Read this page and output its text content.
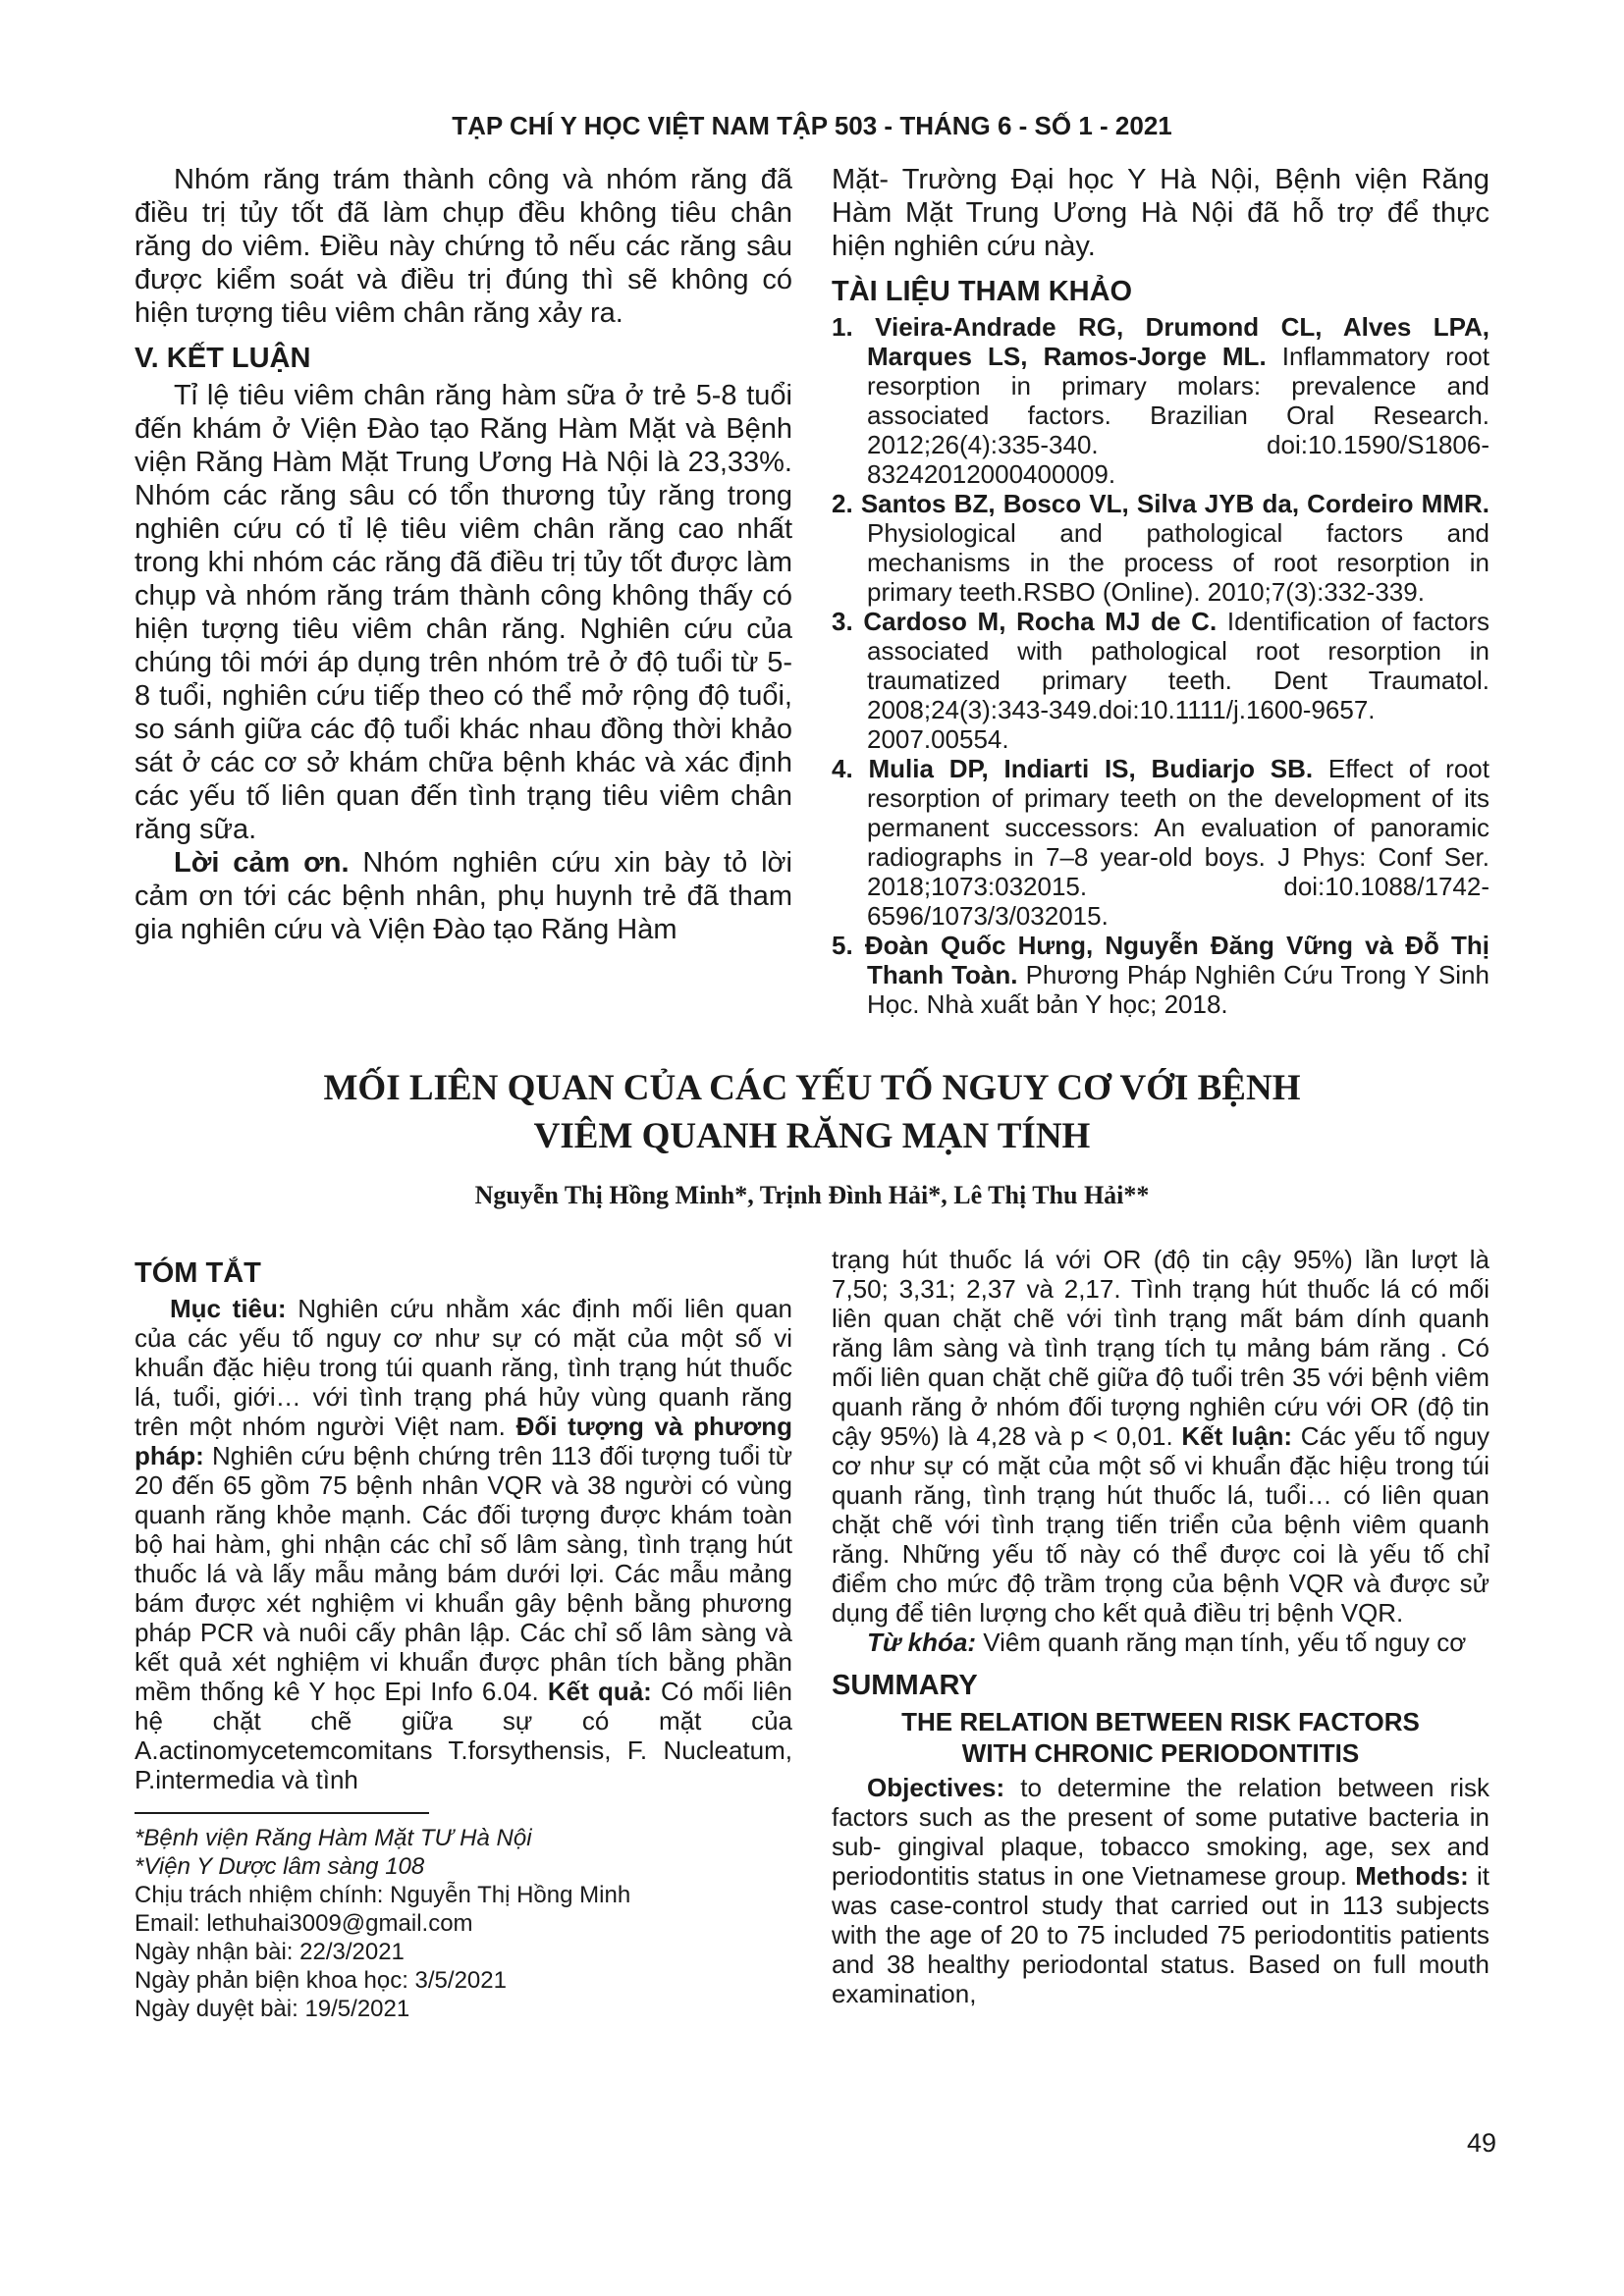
TẠP CHÍ Y HỌC VIỆT NAM TẬP 503 - THÁNG 6 - SỐ 1 - 2021

Nhóm răng trám thành công và nhóm răng đã điều trị tủy tốt đã làm chụp đều không tiêu chân răng do viêm. Điều này chứng tỏ nếu các răng sâu được kiểm soát và điều trị đúng thì sẽ không có hiện tượng tiêu viêm chân răng xảy ra.

V. KẾT LUẬN

Tỉ lệ tiêu viêm chân răng hàm sữa ở trẻ 5-8 tuổi đến khám ở Viện Đào tạo Răng Hàm Mặt và Bệnh viện Răng Hàm Mặt Trung Ương Hà Nội là 23,33%. Nhóm các răng sâu có tổn thương tủy răng trong nghiên cứu có tỉ lệ tiêu viêm chân răng cao nhất trong khi nhóm các răng đã điều trị tủy tốt được làm chụp và nhóm răng trám thành công không thấy có hiện tượng tiêu viêm chân răng. Nghiên cứu của chúng tôi mới áp dụng trên nhóm trẻ ở độ tuổi từ 5-8 tuổi, nghiên cứu tiếp theo có thể mở rộng độ tuổi, so sánh giữa các độ tuổi khác nhau đồng thời khảo sát ở các cơ sở khám chữa bệnh khác và xác định các yếu tố liên quan đến tình trạng tiêu viêm chân răng sữa.

Lời cảm ơn. Nhóm nghiên cứu xin bày tỏ lời cảm ơn tới các bệnh nhân, phụ huynh trẻ đã tham gia nghiên cứu và Viện Đào tạo Răng Hàm

Mặt- Trường Đại học Y Hà Nội, Bệnh viện Răng Hàm Mặt Trung Ương Hà Nội đã hỗ trợ để thực hiện nghiên cứu này.

TÀI LIỆU THAM KHẢO
1. Vieira-Andrade RG, Drumond CL, Alves LPA, Marques LS, Ramos-Jorge ML. Inflammatory root resorption in primary molars: prevalence and associated factors. Brazilian Oral Research. 2012;26(4):335-340. doi:10.1590/S1806-83242012000400009.
2. Santos BZ, Bosco VL, Silva JYB da, Cordeiro MMR. Physiological and pathological factors and mechanisms in the process of root resorption in primary teeth.RSBO (Online). 2010;7(3):332-339.
3. Cardoso M, Rocha MJ de C. Identification of factors associated with pathological root resorption in traumatized primary teeth. Dent Traumatol. 2008;24(3):343-349.doi:10.1111/j.1600-9657. 2007.00554.
4. Mulia DP, Indiarti IS, Budiarjo SB. Effect of root resorption of primary teeth on the development of its permanent successors: An evaluation of panoramic radiographs in 7–8 year-old boys. J Phys: Conf Ser. 2018;1073:032015. doi:10.1088/1742-6596/1073/3/032015.
5. Đoàn Quốc Hưng, Nguyễn Đăng Vững và Đỗ Thị Thanh Toàn. Phương Pháp Nghiên Cứu Trong Y Sinh Học. Nhà xuất bản Y học; 2018.
MỐI LIÊN QUAN CỦA CÁC YẾU TỐ NGUY CƠ VỚI BỆNH
VIÊM QUANH RĂNG MẠN TÍNH
Nguyễn Thị Hồng Minh*, Trịnh Đình Hải*, Lê Thị Thu Hải**
TÓM TẮT

Mục tiêu: Nghiên cứu nhằm xác định mối liên quan của các yếu tố nguy cơ như sự có mặt của một số vi khuẩn đặc hiệu trong túi quanh răng, tình trạng hút thuốc lá, tuổi, giới… với tình trạng phá hủy vùng quanh răng trên một nhóm người Việt nam. Đối tượng và phương pháp: Nghiên cứu bệnh chứng trên 113 đối tượng tuổi từ 20 đến 65 gồm 75 bệnh nhân VQR và 38 người có vùng quanh răng khỏe mạnh. Các đối tượng được khám toàn bộ hai hàm, ghi nhận các chỉ số lâm sàng, tình trạng hút thuốc lá và lấy mẫu mảng bám dưới lợi. Các mẫu mảng bám được xét nghiệm vi khuẩn gây bệnh bằng phương pháp PCR và nuôi cấy phân lập. Các chỉ số lâm sàng và kết quả xét nghiệm vi khuẩn được phân tích bằng phần mềm thống kê Y học Epi Info 6.04. Kết quả: Có mối liên hệ chặt chẽ giữa sự có mặt của A.actinomycetemcomitans T.forsythensis, F. Nucleatum, P.intermedia và tình

*Bệnh viện Răng Hàm Mặt TƯ Hà Nội
*Viện Y Dược lâm sàng 108
Chịu trách nhiệm chính: Nguyễn Thị Hồng Minh
Email: lethuhai3009@gmail.com
Ngày nhận bài: 22/3/2021
Ngày phản biện khoa học: 3/5/2021
Ngày duyệt bài: 19/5/2021

trạng hút thuốc lá với OR (độ tin cậy 95%) lần lượt là 7,50; 3,31; 2,37 và 2,17. Tình trạng hút thuốc lá có mối liên quan chặt chẽ với tình trạng mất bám dính quanh răng lâm sàng và tình trạng tích tụ mảng bám răng . Có mối liên quan chặt chẽ giữa độ tuổi trên 35 với bệnh viêm quanh răng ở nhóm đối tượng nghiên cứu với OR (độ tin cậy 95%) là 4,28 và p < 0,01. Kết luận: Các yếu tố nguy cơ như sự có mặt của một số vi khuẩn đặc hiệu trong túi quanh răng, tình trạng hút thuốc lá, tuổi… có liên quan chặt chẽ với tình trạng tiến triển của bệnh viêm quanh răng. Những yếu tố này có thể được coi là yếu tố chỉ điểm cho mức độ trầm trọng của bệnh VQR và được sử dụng để tiên lượng cho kết quả điều trị bệnh VQR.

Từ khóa: Viêm quanh răng mạn tính, yếu tố nguy cơ

SUMMARY
THE RELATION BETWEEN RISK FACTORS
WITH CHRONIC PERIODONTITIS

Objectives: to determine the relation between risk factors such as the present of some putative bacteria in sub- gingival plaque, tobacco smoking, age, sex and periodontitis status in one Vietnamese group. Methods: it was case-control study that carried out in 113 subjects with the age of 20 to 75 included 75 periodontitis patients and 38 healthy periodontal status. Based on full mouth examination,

49
